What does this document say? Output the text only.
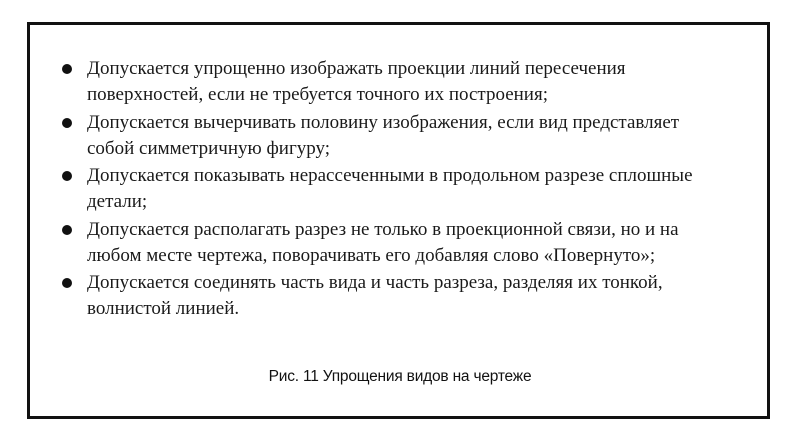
Допускается упрощенно изображать проекции линий пересечения поверхностей, если не требуется точного их построения;
Допускается вычерчивать половину изображения, если вид представляет собой симметричную фигуру;
Допускается показывать нерассеченными в продольном разрезе сплошные детали;
Допускается располагать разрез не только в проекционной связи, но и на любом месте чертежа, поворачивать его добавляя слово «Повернуто»;
Допускается соединять часть вида и часть разреза, разделяя их тонкой, волнистой линией.
Рис. 11 Упрощения видов на чертеже
